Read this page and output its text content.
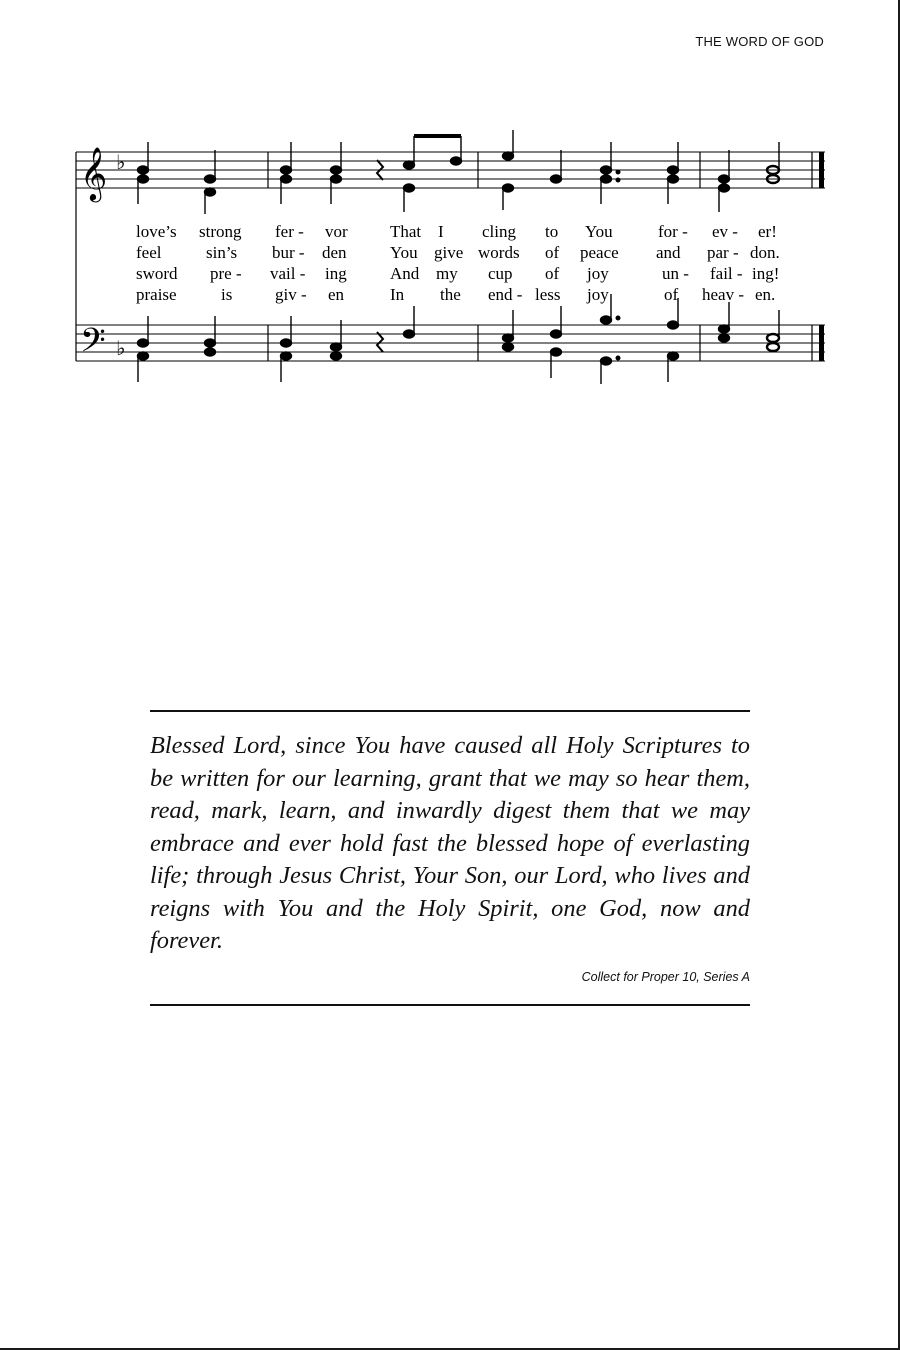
THE WORD OF GOD
𝄞
𝄢
♭
♭
love’s strong fer - vor That I cling to You	for - ev - er!
feel	sin’s bur - den	You give words of peace and par - don.
sword pre - vail - ing	And my cup of joy	un - fail - ing!
praise	is	giv - en	In the end - less joy	of heav - en.
Blessed Lord, since You have caused all Holy Scriptures to be written for our learning, grant that we may so hear them, read, mark, learn, and inwardly digest them that we may embrace and ever hold fast the blessed hope of everlasting life; through Jesus Christ, Your Son, our Lord, who lives and reigns with You and the Holy Spirit, one God, now and forever.
Collect for Proper 10, Series A
